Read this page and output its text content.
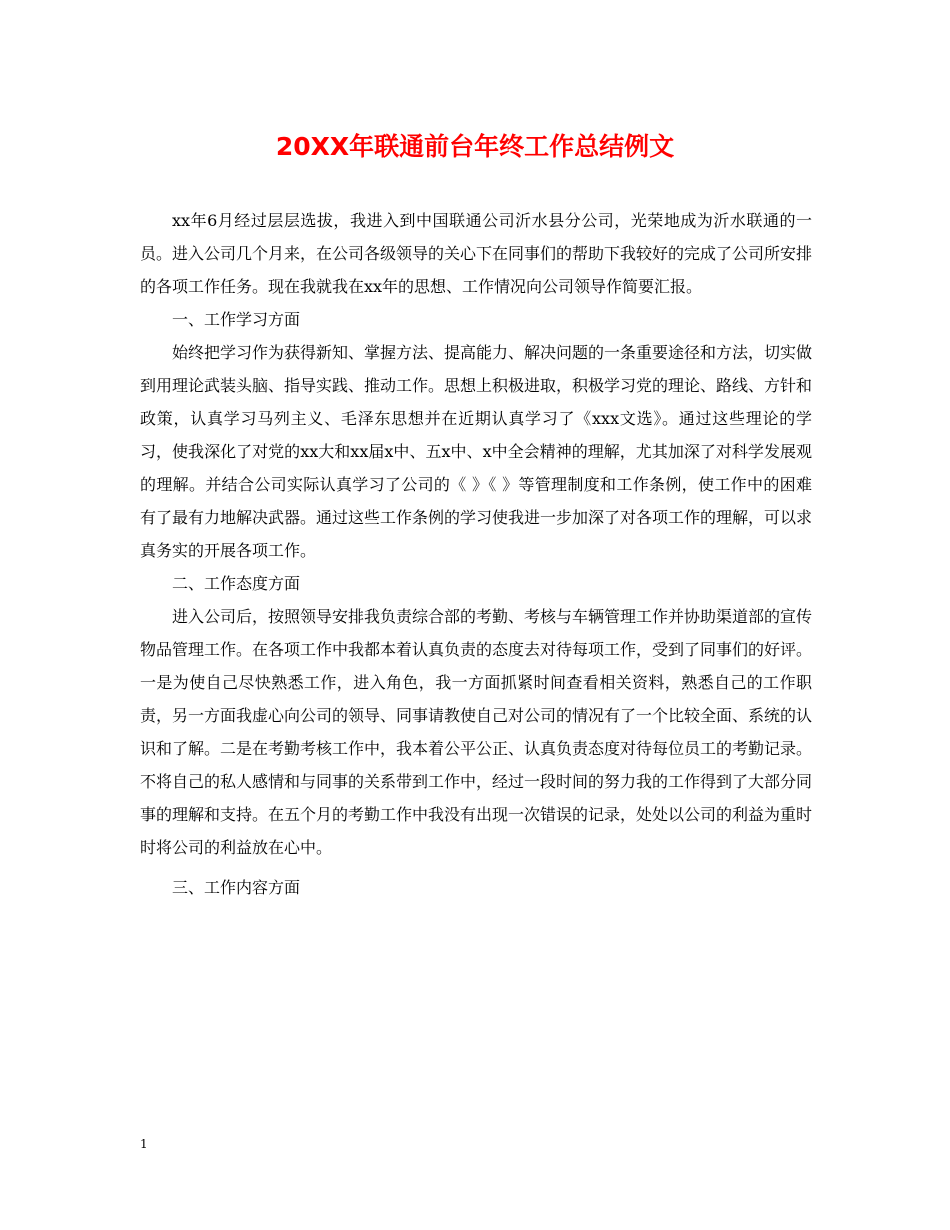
20XX年联通前台年终工作总结例文

xx年6月经过层层选拔，我进入到中国联通公司沂水县分公司，光荣地成为沂水联通的一员。进入公司几个月来，在公司各级领导的关心下在同事们的帮助下我较好的完成了公司所安排的各项工作任务。现在我就我在xx年的思想、工作情况向公司领导作简要汇报。

一、工作学习方面

始终把学习作为获得新知、掌握方法、提高能力、解决问题的一条重要途径和方法，切实做到用理论武装头脑、指导实践、推动工作。思想上积极进取，积极学习党的理论、路线、方针和政策，认真学习马列主义、毛泽东思想并在近期认真学习了《xxx文选》。通过这些理论的学习，使我深化了对党的xx大和xx届x中、五x中、x中全会精神的理解，尤其加深了对科学发展观的理解。并结合公司实际认真学习了公司的《 》《 》等管理制度和工作条例，使工作中的困难有了最有力地解决武器。通过这些工作条例的学习使我进一步加深了对各项工作的理解，可以求真务实的开展各项工作。

二、工作态度方面

进入公司后，按照领导安排我负责综合部的考勤、考核与车辆管理工作并协助渠道部的宣传物品管理工作。在各项工作中我都本着认真负责的态度去对待每项工作，受到了同事们的好评。一是为使自己尽快熟悉工作，进入角色，我一方面抓紧时间查看相关资料，熟悉自己的工作职责，另一方面我虚心向公司的领导、同事请教使自己对公司的情况有了一个比较全面、系统的认识和了解。二是在考勤考核工作中，我本着公平公正、认真负责态度对待每位员工的考勤记录。不将自己的私人感情和与同事的关系带到工作中，经过一段时间的努力我的工作得到了大部分同事的理解和支持。在五个月的考勤工作中我没有出现一次错误的记录，处处以公司的利益为重时时将公司的利益放在心中。

三、工作内容方面

1
